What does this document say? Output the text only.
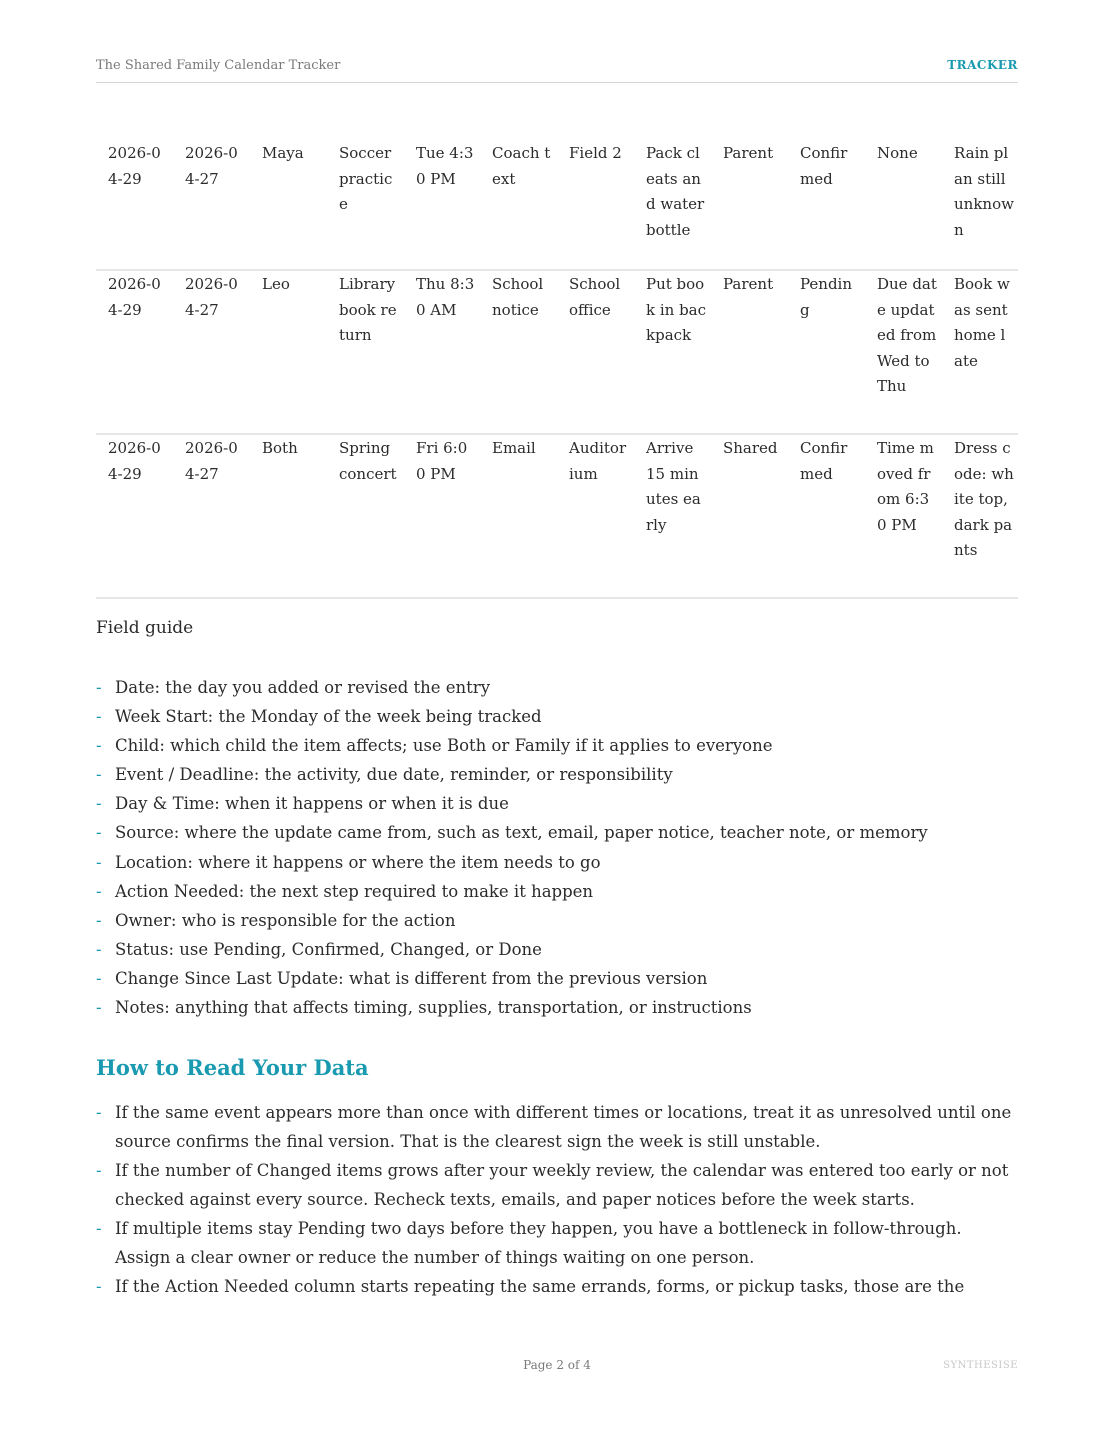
The Shared Family Calendar Tracker	TRACKER
2026-04-29	2026-04-27	Maya	Soccer practice	Tue 4:30 PM	Coach text	Field 2	Pack cleats and water bottle	Parent	Confirmed	None	Rain plan still unknown
2026-04-29	2026-04-27	Leo	Library book return	Thu 8:30 AM	School notice	School office	Put book in backpack	Parent	Pending	Due date updated from Wed to Thu	Book was sent home late
2026-04-29	2026-04-27	Both	Spring concert	Fri 6:00 PM	Email	Auditorium	Arrive 15 minutes early	Shared	Confirmed	Time moved from 6:30 PM	Dress code: white top, dark pants
Field guide
- Date: the day you added or revised the entry
- Week Start: the Monday of the week being tracked
- Child: which child the item affects; use Both or Family if it applies to everyone
- Event / Deadline: the activity, due date, reminder, or responsibility
- Day & Time: when it happens or when it is due
- Source: where the update came from, such as text, email, paper notice, teacher note, or memory
- Location: where it happens or where the item needs to go
- Action Needed: the next step required to make it happen
- Owner: who is responsible for the action
- Status: use Pending, Confirmed, Changed, or Done
- Change Since Last Update: what is different from the previous version
- Notes: anything that affects timing, supplies, transportation, or instructions
How to Read Your Data
- If the same event appears more than once with different times or locations, treat it as unresolved until one source confirms the final version. That is the clearest sign the week is still unstable.
- If the number of Changed items grows after your weekly review, the calendar was entered too early or not checked against every source. Recheck texts, emails, and paper notices before the week starts.
- If multiple items stay Pending two days before they happen, you have a bottleneck in follow-through. Assign a clear owner or reduce the number of things waiting on one person.
- If the Action Needed column starts repeating the same errands, forms, or pickup tasks, those are the
Page 2 of 4	SYNTHESISE
